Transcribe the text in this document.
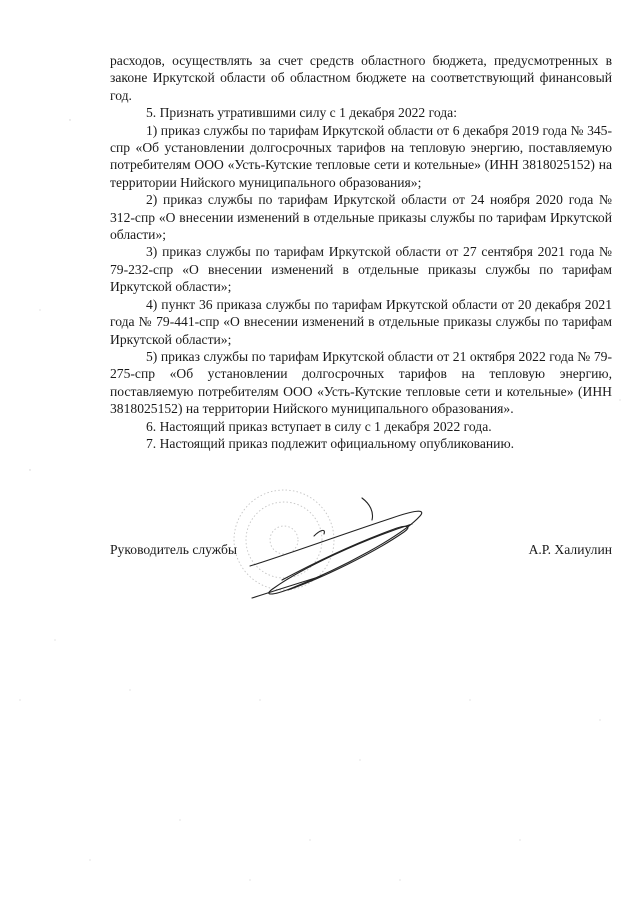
расходов, осуществлять за счет средств областного бюджета, предусмотренных в законе Иркутской области об областном бюджете на соответствующий финансовый год.

5. Признать утратившими силу с 1 декабря 2022 года:

1) приказ службы по тарифам Иркутской области от 6 декабря 2019 года № 345-спр «Об установлении долгосрочных тарифов на тепловую энергию, поставляемую потребителям ООО «Усть-Кутские тепловые сети и котельные» (ИНН 3818025152) на территории Нийского муниципального образования»;

2) приказ службы по тарифам Иркутской области от 24 ноября 2020 года № 312-спр «О внесении изменений в отдельные приказы службы по тарифам Иркутской области»;

3) приказ службы по тарифам Иркутской области от 27 сентября 2021 года № 79-232-спр «О внесении изменений в отдельные приказы службы по тарифам Иркутской области»;

4) пункт 36 приказа службы по тарифам Иркутской области от 20 декабря 2021 года № 79-441-спр «О внесении изменений в отдельные приказы службы по тарифам Иркутской области»;

5) приказ службы по тарифам Иркутской области от 21 октября 2022 года № 79-275-спр «Об установлении долгосрочных тарифов на тепловую энергию, поставляемую потребителям ООО «Усть-Кутские тепловые сети и котельные» (ИНН 3818025152) на территории Нийского муниципального образования».

6. Настоящий приказ вступает в силу с 1 декабря 2022 года.

7. Настоящий приказ подлежит официальному опубликованию.

Руководитель службы	А.Р. Халиулин
